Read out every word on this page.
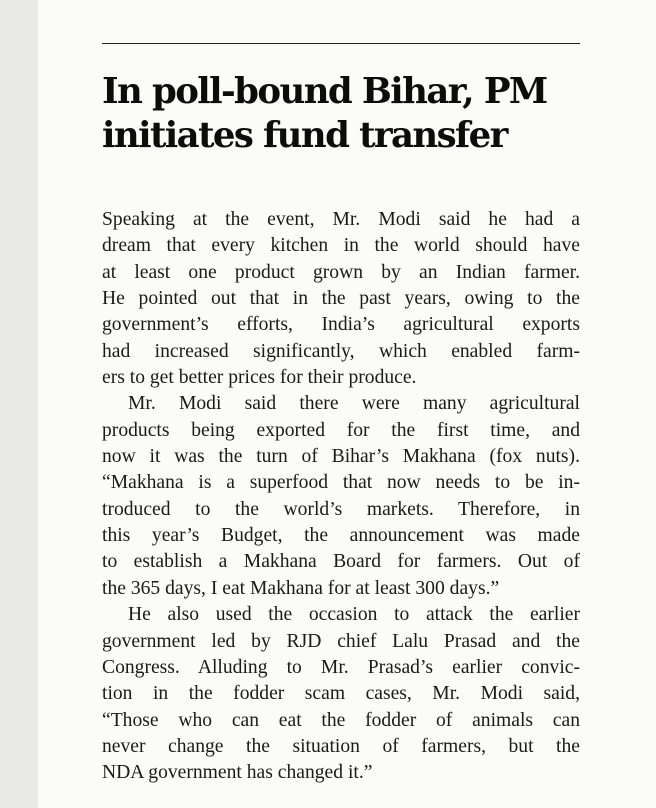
In poll-bound Bihar, PM
initiates fund transfer
Speaking at the event, Mr. Modi said he had a
dream that every kitchen in the world should have
at least one product grown by an Indian farmer.
He pointed out that in the past years, owing to the
government’s efforts, India’s agricultural exports
had increased significantly, which enabled farm-
ers to get better prices for their produce.
Mr. Modi said there were many agricultural
products being exported for the first time, and
now it was the turn of Bihar’s Makhana (fox nuts).
“Makhana is a superfood that now needs to be in-
troduced to the world’s markets. Therefore, in
this year’s Budget, the announcement was made
to establish a Makhana Board for farmers. Out of
the 365 days, I eat Makhana for at least 300 days.”
He also used the occasion to attack the earlier
government led by RJD chief Lalu Prasad and the
Congress. Alluding to Mr. Prasad’s earlier convic-
tion in the fodder scam cases, Mr. Modi said,
“Those who can eat the fodder of animals can
never change the situation of farmers, but the
NDA government has changed it.”
